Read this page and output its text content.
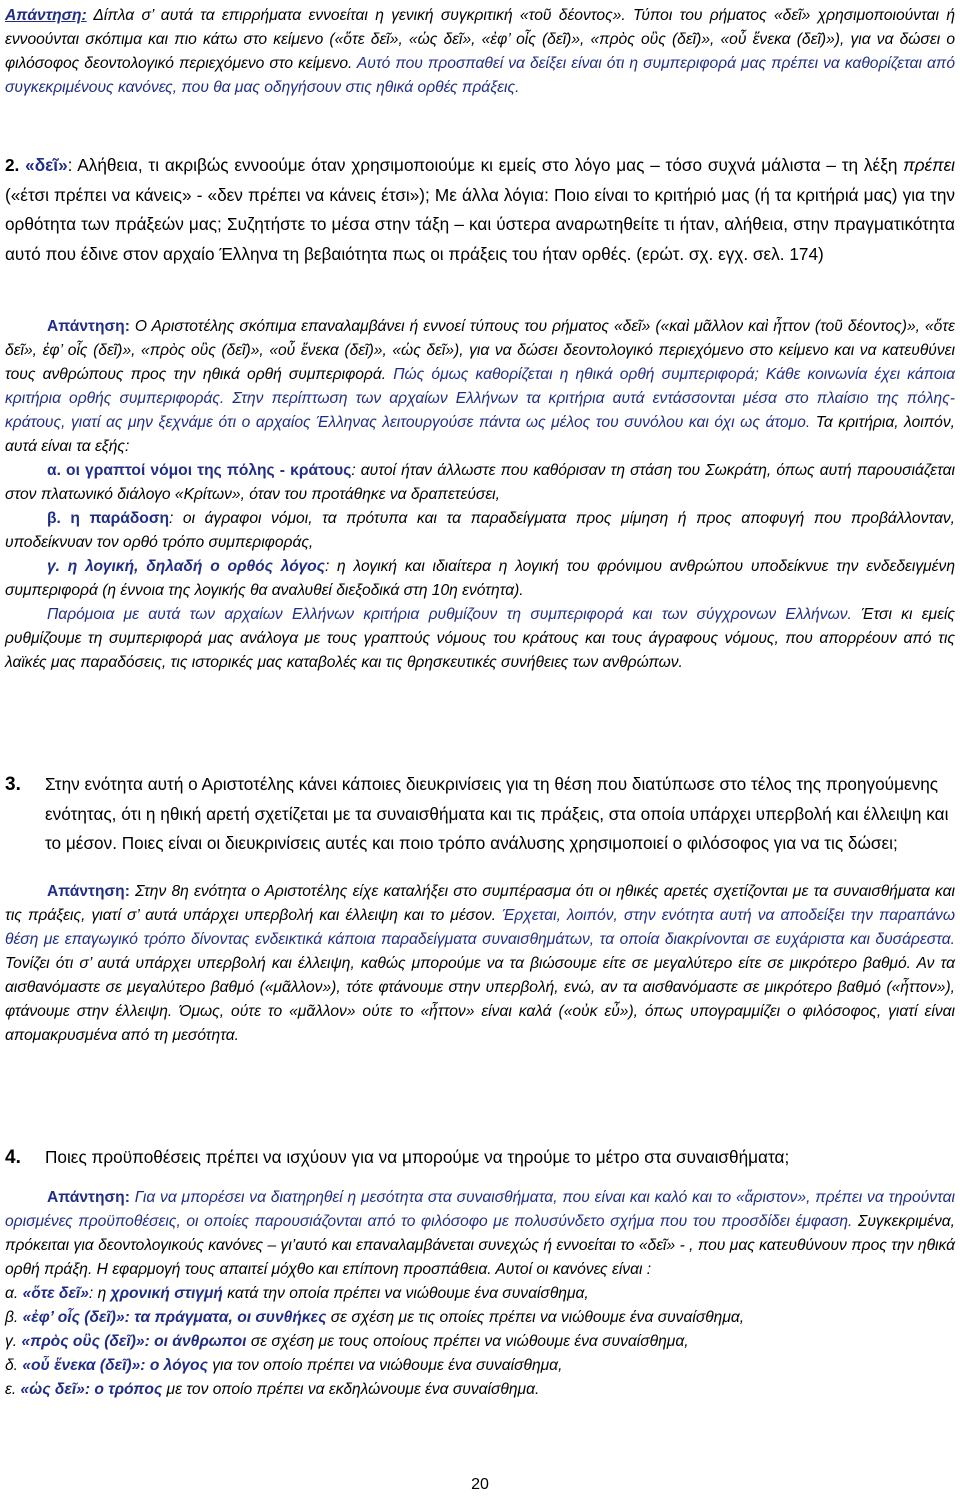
Απάντηση: Δίπλα σ’ αυτά τα επιρρήματα εννοείται η γενική συγκριτική «τοῦ δέοντος». Τύποι του ρήματος «δεῖ» χρησιμοποιούνται ή εννοούνται σκόπιμα και πιο κάτω στο κείμενο («ὅτε δεῖ», «ὡς δεῖ», «ἐφ’ οἷς (δεῖ)», «πρὸς οὓς (δεῖ)», «οὗ ἕνεκα (δεῖ)»), για να δώσει ο φιλόσοφος δεοντολογικό περιεχόμενο στο κείμενο. Αυτό που προσπαθεί να δείξει είναι ότι η συμπεριφορά μας πρέπει να καθορίζεται από συγκεκριμένους κανόνες, που θα μας οδηγήσουν στις ηθικά ορθές πράξεις.

2. «δεῖ»: Αλήθεια, τι ακριβώς εννοούμε όταν χρησιμοποιούμε κι εμείς στο λόγο μας – τόσο συχνά μάλιστα – τη λέξη πρέπει («έτσι πρέπει να κάνεις» - «δεν πρέπει να κάνεις έτσι»); Με άλλα λόγια: Ποιο είναι το κριτήριό μας (ή τα κριτήριά μας) για την ορθότητα των πράξεών μας; Συζητήστε το μέσα στην τάξη – και ύστερα αναρωτηθείτε τι ήταν, αλήθεια, στην πραγματικότητα αυτό που έδινε στον αρχαίο Έλληνα τη βεβαιότητα πως οι πράξεις του ήταν ορθές. (ερώτ. σχ. εγχ. σελ. 174)

Απάντηση: Ο Αριστοτέλης σκόπιμα επαναλαμβάνει ή εννοεί τύπους του ρήματος «δεῖ» («καὶ μᾶλλον καὶ ἧττον (τοῦ δέοντος)», «ὅτε δεῖ», ἐφ’ οἷς (δεῖ)», «πρὸς οὓς (δεῖ)», «οὗ ἕνεκα (δεῖ)», «ὡς δεῖ»), για να δώσει δεοντολογικό περιεχόμενο στο κείμενο και να κατευθύνει τους ανθρώπους προς την ηθικά ορθή συμπεριφορά. Πώς όμως καθορίζεται η ηθικά ορθή συμπεριφορά; Κάθε κοινωνία έχει κάποια κριτήρια ορθής συμπεριφοράς. Στην περίπτωση των αρχαίων Ελλήνων τα κριτήρια αυτά εντάσσονται μέσα στο πλαίσιο της πόλης-κράτους, γιατί ας μην ξεχνάμε ότι ο αρχαίος Έλληνας λειτουργούσε πάντα ως μέλος του συνόλου και όχι ως άτομο. Τα κριτήρια, λοιπόν, αυτά είναι τα εξής:

α. οι γραπτοί νόμοι της πόλης - κράτους: αυτοί ήταν άλλωστε που καθόρισαν τη στάση του Σωκράτη, όπως αυτή παρουσιάζεται στον πλατωνικό διάλογο «Κρίτων», όταν του προτάθηκε να δραπετεύσει,

β. η παράδοση: οι άγραφοι νόμοι, τα πρότυπα και τα παραδείγματα προς μίμηση ή προς αποφυγή που προβάλλονταν, υποδείκνυαν τον ορθό τρόπο συμπεριφοράς,

γ. η λογική, δηλαδή ο ορθός λόγος: η λογική και ιδιαίτερα η λογική του φρόνιμου ανθρώπου υποδείκνυε την ενδεδειγμένη συμπεριφορά (η έννοια της λογικής θα αναλυθεί διεξοδικά στη 10η ενότητα).

Παρόμοια με αυτά των αρχαίων Ελλήνων κριτήρια ρυθμίζουν τη συμπεριφορά και των σύγχρονων Ελλήνων. Έτσι κι εμείς ρυθμίζουμε τη συμπεριφορά μας ανάλογα με τους γραπτούς νόμους του κράτους και τους άγραφους νόμους, που απορρέουν από τις λαϊκές μας παραδόσεις, τις ιστορικές μας καταβολές και τις θρησκευτικές συνήθειες των ανθρώπων.

3.	Στην ενότητα αυτή ο Αριστοτέλης κάνει κάποιες διευκρινίσεις για τη θέση που διατύπωσε στο τέλος της προηγούμενης ενότητας, ότι η ηθική αρετή σχετίζεται με τα συναισθήματα και τις πράξεις, στα οποία υπάρχει υπερβολή και έλλειψη και το μέσον. Ποιες είναι οι διευκρινίσεις αυτές και ποιο τρόπο ανάλυσης χρησιμοποιεί ο φιλόσοφος για να τις δώσει;

Απάντηση: Στην 8η ενότητα ο Αριστοτέλης είχε καταλήξει στο συμπέρασμα ότι οι ηθικές αρετές σχετίζονται με τα συναισθήματα και τις πράξεις, γιατί σ’ αυτά υπάρχει υπερβολή και έλλειψη και το μέσον. Έρχεται, λοιπόν, στην ενότητα αυτή να αποδείξει την παραπάνω θέση με επαγωγικό τρόπο δίνοντας ενδεικτικά κάποια παραδείγματα συναισθημάτων, τα οποία διακρίνονται σε ευχάριστα και δυσάρεστα. Τονίζει ότι σ’ αυτά υπάρχει υπερβολή και έλλειψη, καθώς μπορούμε να τα βιώσουμε είτε σε μεγαλύτερο είτε σε μικρότερο βαθμό. Αν τα αισθανόμαστε σε μεγαλύτερο βαθμό («μᾶλλον»), τότε φτάνουμε στην υπερβολή, ενώ, αν τα αισθανόμαστε σε μικρότερο βαθμό («ἧττον»), φτάνουμε στην έλλειψη. Όμως, ούτε το «μᾶλλον» ούτε το «ἧττον» είναι καλά («οὐκ εὖ»), όπως υπογραμμίζει ο φιλόσοφος, γιατί είναι απομακρυσμένα από τη μεσότητα.

4. Ποιες προϋποθέσεις πρέπει να ισχύουν για να μπορούμε να τηρούμε το μέτρο στα συναισθήματα;

Απάντηση: Για να μπορέσει να διατηρηθεί η μεσότητα στα συναισθήματα, που είναι και καλό και το «ἄριστον», πρέπει να τηρούνται ορισμένες προϋποθέσεις, οι οποίες παρουσιάζονται από το φιλόσοφο με πολυσύνδετο σχήμα που του προσδίδει έμφαση. Συγκεκριμένα, πρόκειται για δεοντολογικούς κανόνες – γι’αυτό και επαναλαμβάνεται συνεχώς ή εννοείται το «δεῖ» - , που μας κατευθύνουν προς την ηθικά ορθή πράξη. Η εφαρμογή τους απαιτεί μόχθο και επίπονη προσπάθεια. Αυτοί οι κανόνες είναι :

α. «ὅτε δεῖ»: η χρονική στιγμή κατά την οποία πρέπει να νιώθουμε ένα συναίσθημα,

β. «ἐφ’ οἷς (δεῖ)»: τα πράγματα, οι συνθήκες σε σχέση με τις οποίες πρέπει να νιώθουμε ένα συναίσθημα,

γ. «πρὸς οὓς (δεῖ)»: οι άνθρωποι σε σχέση με τους οποίους πρέπει να νιώθουμε ένα συναίσθημα,

δ. «οὗ ἕνεκα (δεῖ)»: ο λόγος για τον οποίο πρέπει να νιώθουμε ένα συναίσθημα,

ε. «ὡς δεῖ»: ο τρόπος με τον οποίο πρέπει να εκδηλώνουμε ένα συναίσθημα.

20
